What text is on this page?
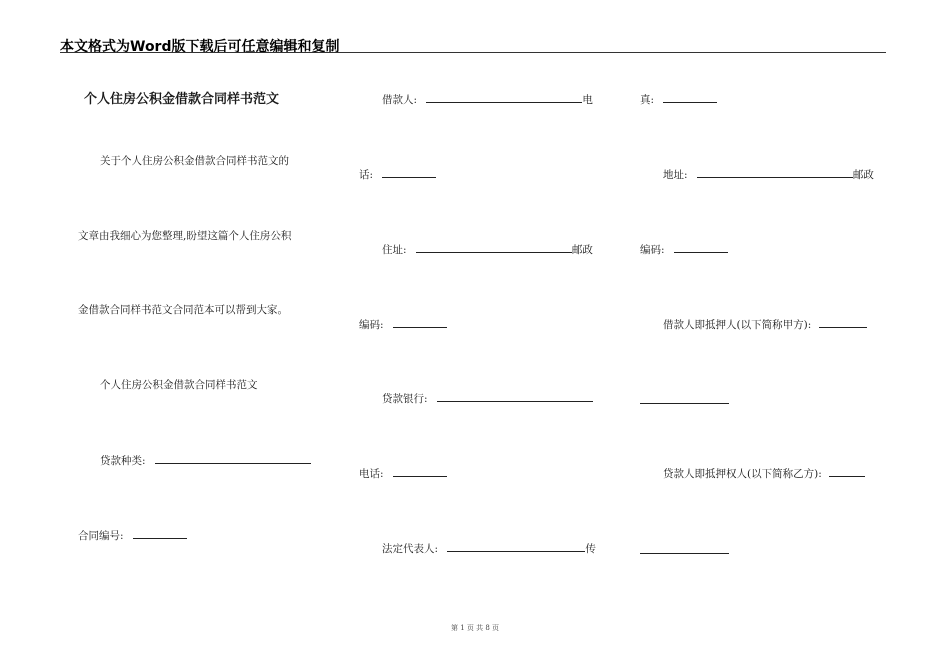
本文格式为Word版下载后可任意编辑和复制
个人住房公积金借款合同样书范文
关于个人住房公积金借款合同样书范文的
文章由我细心为您整理,盼望这篇个人住房公积
金借款合同样书范文合同范本可以帮到大家。
个人住房公积金借款合同样书范文
贷款种类:
合同编号:
借款人:	电
话:
住址:	邮政
编码:
贷款银行:
电话:
法定代表人:	传
真:
地址:	邮政
编码:
借款人即抵押人(以下简称甲方):
贷款人即抵押权人(以下简称乙方):
第 1 页 共 8 页
